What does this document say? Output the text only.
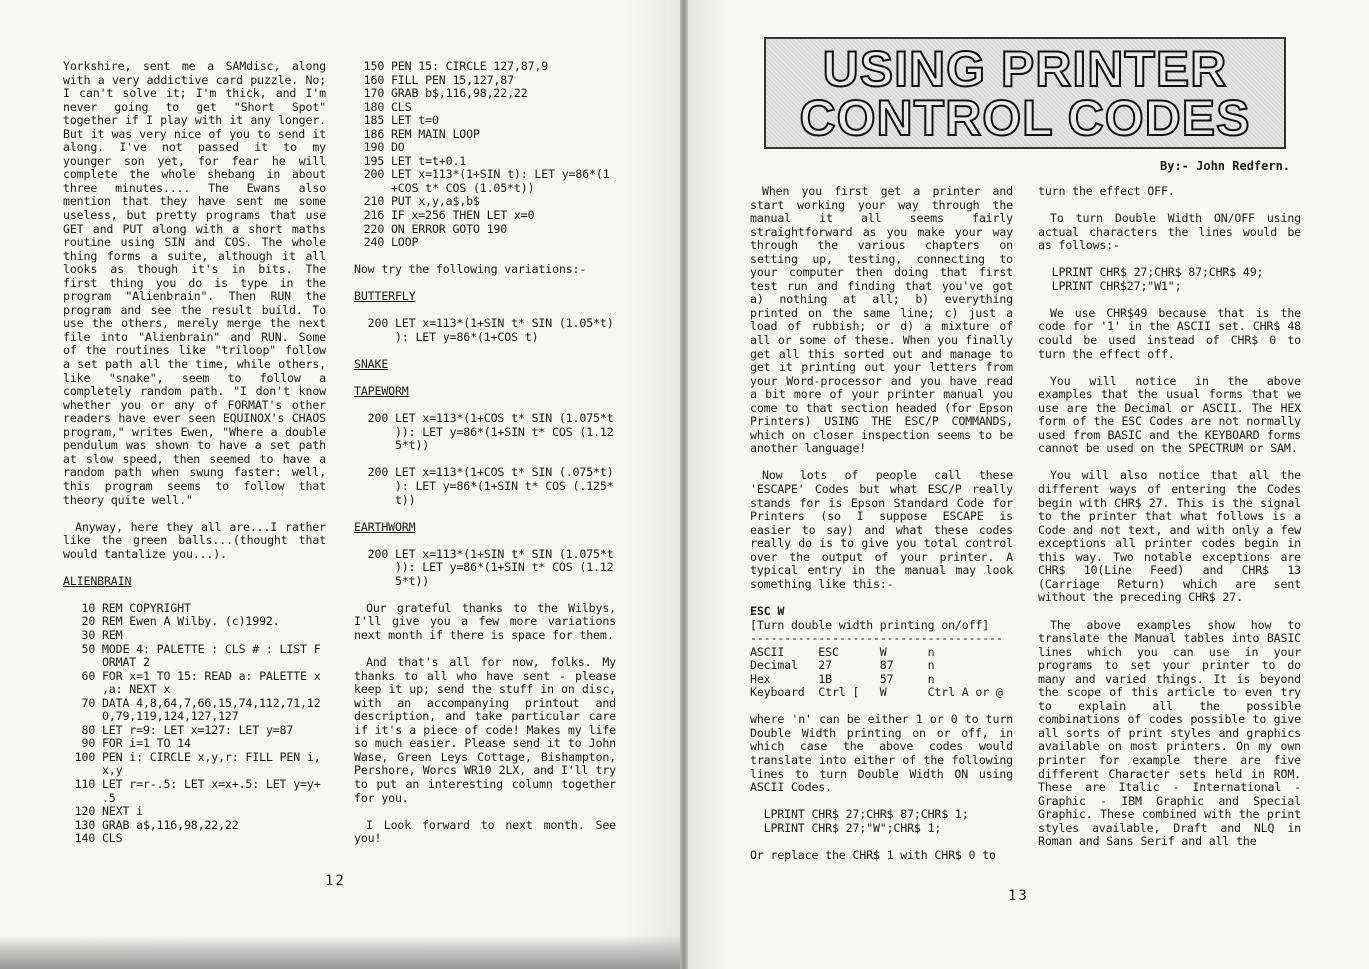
Yorkshire, sent me a SAMdisc, along with a very addictive card puzzle. No; I can't solve it; I'm thick, and I'm never going to get "Short Spot" together if I play with it any longer. But it was very nice of you to send it along. I've not passed it to my younger son yet, for fear he will complete the whole shebang in about three minutes.... The Ewans also mention that they have sent me some useless, but pretty programs that use GET and PUT along with a short maths routine using SIN and COS. The whole thing forms a suite, although it all looks as though it's in bits. The first thing you do is type in the program "Alienbrain". Then RUN the program and see the result build. To use the others, merely merge the next file into "Alienbrain" and RUN. Some of the routines like "triloop" follow a set path all the time, while others, like "snake", seem to follow a completely random path. "I don't know whether you or any of FORMAT's other readers have ever seen EQUINOX's CHAOS program," writes Ewen, "Where a double pendulum was shown to have a set path at slow speed, then seemed to have a random path when swung faster: well, this program seems to follow that theory quite well."

Anyway, here they all are...I rather like the green balls...(thought that would tantalize you...).

ALIENBRAIN

10 REM COPYRIGHT
20 REM Ewen A Wilby. (c)1992.
30 REM
50 MODE 4: PALETTE : CLS # : LIST F
ORMAT 2
60 FOR x=1 TO 15: READ a: PALETTE x
,a: NEXT x
70 DATA 4,8,64,7,66,15,74,112,71,12
0,79,119,124,127,127
80 LET r=9: LET x=127: LET y=87
90 FOR i=1 TO 14
100 PEN i: CIRCLE x,y,r: FILL PEN i,
x,y
110 LET r=r-.5: LET x=x+.5: LET y=y+
.5
120 NEXT i
130 GRAB a$,116,98,22,22
140 CLS

150 PEN 15: CIRCLE 127,87,9
160 FILL PEN 15,127,87
170 GRAB b$,116,98,22,22
180 CLS
185 LET t=0
186 REM MAIN LOOP
190 DO
195 LET t=t+0.1
200 LET x=113*(1+SIN t): LET y=86*(1
+COS t* COS (1.05*t))
210 PUT x,y,a$,b$
216 IF x=256 THEN LET x=0
220 ON ERROR GOTO 190
240 LOOP

Now try the following variations:-

BUTTERFLY

200 LET x=113*(1+SIN t* SIN (1.05*t)
): LET y=86*(1+COS t)

SNAKE

TAPEWORM

200 LET x=113*(1+COS t* SIN (1.075*t
)): LET y=86*(1+SIN t* COS (1.12
5*t))

200 LET x=113*(1+COS t* SIN (.075*t)
): LET y=86*(1+SIN t* COS (.125*
t))

EARTHWORM

200 LET x=113*(1+SIN t* SIN (1.075*t
)): LET y=86*(1+SIN t* COS (1.12
5*t))

Our grateful thanks to the Wilbys, I'll give you a few more variations next month if there is space for them.

And that's all for now, folks. My thanks to all who have sent - please keep it up; send the stuff in on disc, with an accompanying printout and description, and take particular care if it's a piece of code! Makes my life so much easier. Please send it to John Wase, Green Leys Cottage, Bishampton, Pershore, Worcs WR10 2LX, and I'll try to put an interesting column together for you.

I Look forward to next month. See you!

12
USING PRINTER
CONTROL CODES
By:- John Redfern.

When you first get a printer and start working your way through the manual it all seems fairly straightforward as you make your way through the various chapters on setting up, testing, connecting to your computer then doing that first test run and finding that you've got a) nothing at all; b) everything printed on the same line; c) just a load of rubbish; or d) a mixture of all or some of these. When you finally get all this sorted out and manage to get it printing out your letters from your Word-processor and you have read a bit more of your printer manual you come to that section headed (for Epson Printers) USING THE ESC/P COMMANDS, which on closer inspection seems to be another language!

Now lots of people call these 'ESCAPE' Codes but what ESC/P really stands for is Epson Standard Code for Printers (so I suppose ESCAPE is easier to say) and what these codes really do is to give you total control over the output of your printer. A typical entry in the manual may look something like this:-

ESC W
[Turn double width printing on/off]
-------------------------------------

ASCII     ESC      W      n
Decimal   27       87     n
Hex       1B       57     n
Keyboard  Ctrl [   W      Ctrl A or @

where 'n' can be either 1 or 0 to turn Double Width printing on or off, in which case the above codes would translate into either of the following lines to turn Double Width ON using ASCII Codes.

LPRINT CHR$ 27;CHR$ 87;CHR$ 1;
LPRINT CHR$ 27;"W";CHR$ 1;

Or replace the CHR$ 1 with CHR$ 0 to

turn the effect OFF.

To turn Double Width ON/OFF using actual characters the lines would be as follows:-

LPRINT CHR$ 27;CHR$ 87;CHR$ 49;
LPRINT CHR$27;"W1";

We use CHR$49 because that is the code for '1' in the ASCII set. CHR$ 48 could be used instead of CHR$ 0 to turn the effect off.

You will notice in the above examples that the usual forms that we use are the Decimal or ASCII. The HEX form of the ESC Codes are not normally used from BASIC and the KEYBOARD forms cannot be used on the SPECTRUM or SAM.

You will also notice that all the different ways of entering the Codes begin with CHR$ 27. This is the signal to the printer that what follows is a Code and not text, and with only a few exceptions all printer codes begin in this way. Two notable exceptions are CHR$ 10(Line Feed) and CHR$ 13 (Carriage Return) which are sent without the preceding CHR$ 27.

The above examples show how to translate the Manual tables into BASIC lines which you can use in your programs to set your printer to do many and varied things. It is beyond the scope of this article to even try to explain all the possible combinations of codes possible to give all sorts of print styles and graphics available on most printers. On my own printer for example there are five different Character sets held in ROM. These are Italic - International - Graphic - IBM Graphic and Special Graphic. These combined with the print styles available, Draft and NLQ in Roman and Sans Serif and all the

13
